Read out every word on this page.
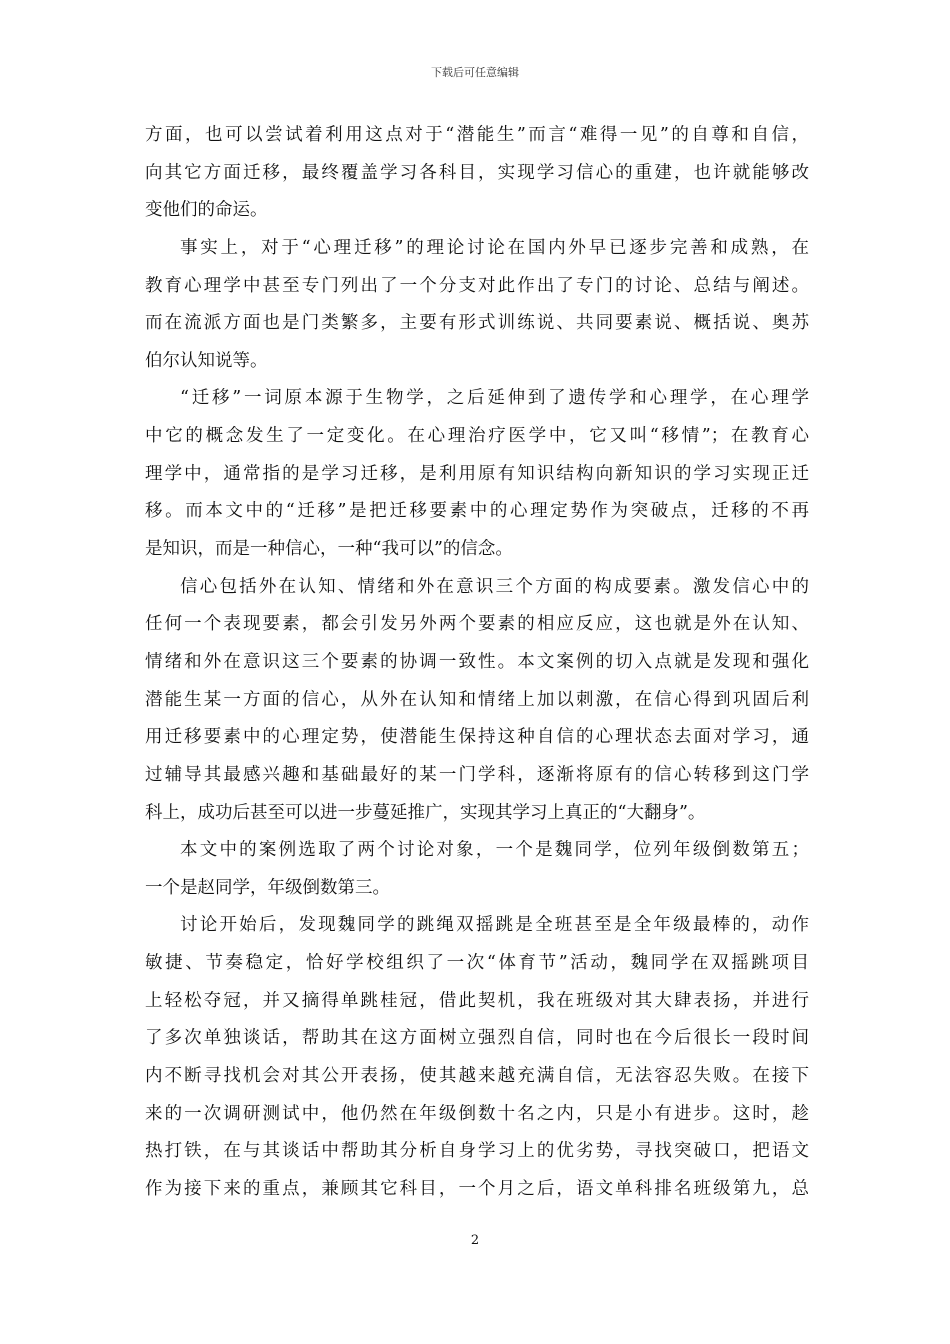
下载后可任意编辑
方面，也可以尝试着利用这点对于“潜能生”而言“难得一见”的自尊和自信，
向其它方面迁移，最终覆盖学习各科目，实现学习信心的重建，也许就能够改
变他们的命运。
事实上，对于“心理迁移”的理论讨论在国内外早已逐步完善和成熟，在
教育心理学中甚至专门列出了一个分支对此作出了专门的讨论、总结与阐述。
而在流派方面也是门类繁多，主要有形式训练说、共同要素说、概括说、奥苏
伯尔认知说等。
“迁移”一词原本源于生物学，之后延伸到了遗传学和心理学，在心理学
中它的概念发生了一定变化。在心理治疗医学中，它又叫“移情”；在教育心
理学中，通常指的是学习迁移，是利用原有知识结构向新知识的学习实现正迁
移。而本文中的“迁移”是把迁移要素中的心理定势作为突破点，迁移的不再
是知识，而是一种信心，一种“我可以”的信念。
信心包括外在认知、情绪和外在意识三个方面的构成要素。激发信心中的
任何一个表现要素，都会引发另外两个要素的相应反应，这也就是外在认知、
情绪和外在意识这三个要素的协调一致性。本文案例的切入点就是发现和强化
潜能生某一方面的信心，从外在认知和情绪上加以刺激，在信心得到巩固后利
用迁移要素中的心理定势，使潜能生保持这种自信的心理状态去面对学习，通
过辅导其最感兴趣和基础最好的某一门学科，逐渐将原有的信心转移到这门学
科上，成功后甚至可以进一步蔓延推广，实现其学习上真正的“大翻身”。
本文中的案例选取了两个讨论对象，一个是魏同学，位列年级倒数第五；
一个是赵同学，年级倒数第三。
讨论开始后，发现魏同学的跳绳双摇跳是全班甚至是全年级最棒的，动作
敏捷、节奏稳定，恰好学校组织了一次“体育节”活动，魏同学在双摇跳项目
上轻松夺冠，并又摘得单跳桂冠，借此契机，我在班级对其大肆表扬，并进行
了多次单独谈话，帮助其在这方面树立强烈自信，同时也在今后很长一段时间
内不断寻找机会对其公开表扬，使其越来越充满自信，无法容忍失败。在接下
来的一次调研测试中，他仍然在年级倒数十名之内，只是小有进步。这时，趁
热打铁，在与其谈话中帮助其分析自身学习上的优劣势，寻找突破口，把语文
作为接下来的重点，兼顾其它科目，一个月之后，语文单科排名班级第九，总
2
